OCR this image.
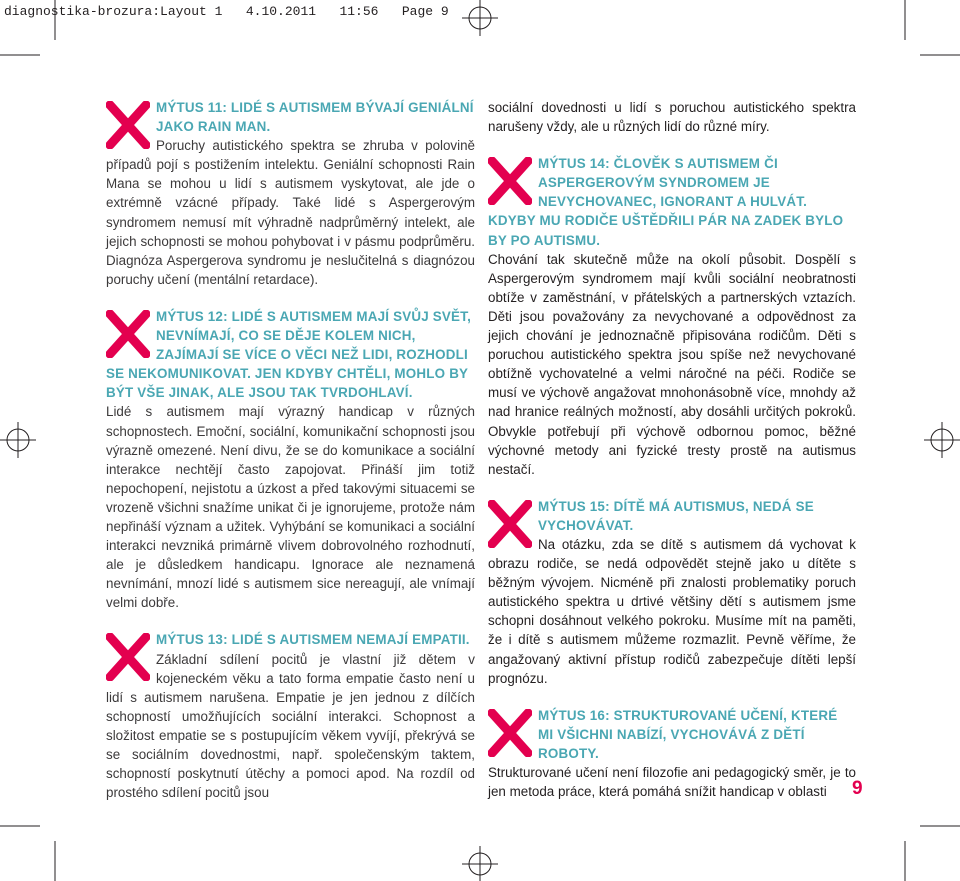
diagnostika-brozura:Layout 1   4.10.2011   11:56   Page 9
MÝTUS 11: LIDÉ S AUTISMEM BÝVAJÍ GENIÁLNÍ JAKO RAIN MAN.

Poruchy autistického spektra se zhruba v polovině případů pojí s postižením intelektu. Geniální schopnosti Rain Mana se mohou u lidí s autismem vyskytovat, ale jde o extrémně vzácné případy. Také lidé s Aspergerovým syndromem nemusí mít výhradně nadprůměrný intelekt, ale jejich schopnosti se mohou pohybovat i v pásmu podprůměru. Diagnóza Aspergerova syndromu je neslučitelná s diagnózou poruchy učení (mentální retardace).

MÝTUS 12: LIDÉ S AUTISMEM MAJÍ SVŮJ SVĚT, NEVNÍMAJÍ, CO SE DĚJE KOLEM NICH, ZAJÍMAJÍ SE VÍCE O VĚCI NEŽ LIDI, ROZHODLI SE NEKOMUNIKOVAT. JEN KDYBY CHTĚLI, MOHLO BY BÝT VŠE JINAK, ALE JSOU TAK TVRDOHLAVÍ.

Lidé s autismem mají výrazný handicap v různých schopnostech. Emoční, sociální, komunikační schopnosti jsou výrazně omezené. Není divu, že se do komunikace a sociální interakce nechtějí často zapojovat. Přináší jim totiž nepochopení, nejistotu a úzkost a před takovými situacemi se vrozeně všichni snažíme unikat či je ignorujeme, protože nám nepřináší význam a užitek. Vyhýbání se komunikaci a sociální interakci nevzniká primárně vlivem dobrovolného rozhodnutí, ale je důsledkem handicapu. Ignorace ale neznamená nevnímání, mnozí lidé s autismem sice nereagují, ale vnímají velmi dobře.

MÝTUS 13: LIDÉ S AUTISMEM NEMAJÍ EMPATII.

Základní sdílení pocitů je vlastní již dětem v kojeneckém věku a tato forma empatie často není u lidí s autismem narušena. Empatie je jen jednou z dílčích schopností umožňujících sociální interakci. Schopnost a složitost empatie se s postupujícím věkem vyvíjí, překrývá se se sociálním dovednostmi, např. společenským taktem, schopností poskytnutí útěchy a pomoci apod. Na rozdíl od prostého sdílení pocitů jsou

sociální dovednosti u lidí s poruchou autistického spektra narušeny vždy, ale u různých lidí do různé míry.

MÝTUS 14: ČLOVĚK S AUTISMEM ČI ASPERGEROVÝM SYNDROMEM JE NEVYCHOVANEC, IGNORANT A HULVÁT. KDYBY MU RODIČE UŠTĚDŘILI PÁR NA ZADEK BYLO BY PO AUTISMU.

Chování tak skutečně může na okolí působit. Dospělí s Aspergerovým syndromem mají kvůli sociální neobratnosti obtíže v zaměstnání, v přátelských a partnerských vztazích. Děti jsou považovány za nevychované a odpovědnost za jejich chování je jednoznačně připisována rodičům. Děti s poruchou autistického spektra jsou spíše než nevychované obtížně vychovatelné a velmi náročné na péči. Rodiče se musí ve výchově angažovat mnohonásobně více, mnohdy až nad hranice reálných možností, aby dosáhli určitých pokroků. Obvykle potřebují při výchově odbornou pomoc, běžné výchovné metody ani fyzické tresty prostě na autismus nestačí.

MÝTUS 15: DÍTĚ MÁ AUTISMUS, NEDÁ SE VYCHOVÁVAT.

Na otázku, zda se dítě s autismem dá vychovat k obrazu rodiče, se nedá odpovědět stejně jako u dítěte s běžným vývojem. Nicméně při znalosti problematiky poruch autistického spektra u drtivé většiny dětí s autismem jsme schopni dosáhnout velkého pokroku. Musíme mít na paměti, že i dítě s autismem můžeme rozmazlit. Pevně věříme, že angažovaný aktivní přístup rodičů zabezpečuje dítěti lepší prognózu.

MÝTUS 16: STRUKTUROVANÉ UČENÍ, KTERÉ MI VŠICHNI NABÍZÍ, VYCHOVÁVÁ Z DĚTÍ ROBOTY.

Strukturované učení není filozofie ani pedagogický směr, je to jen metoda práce, která pomáhá snížit handicap v oblasti	9
